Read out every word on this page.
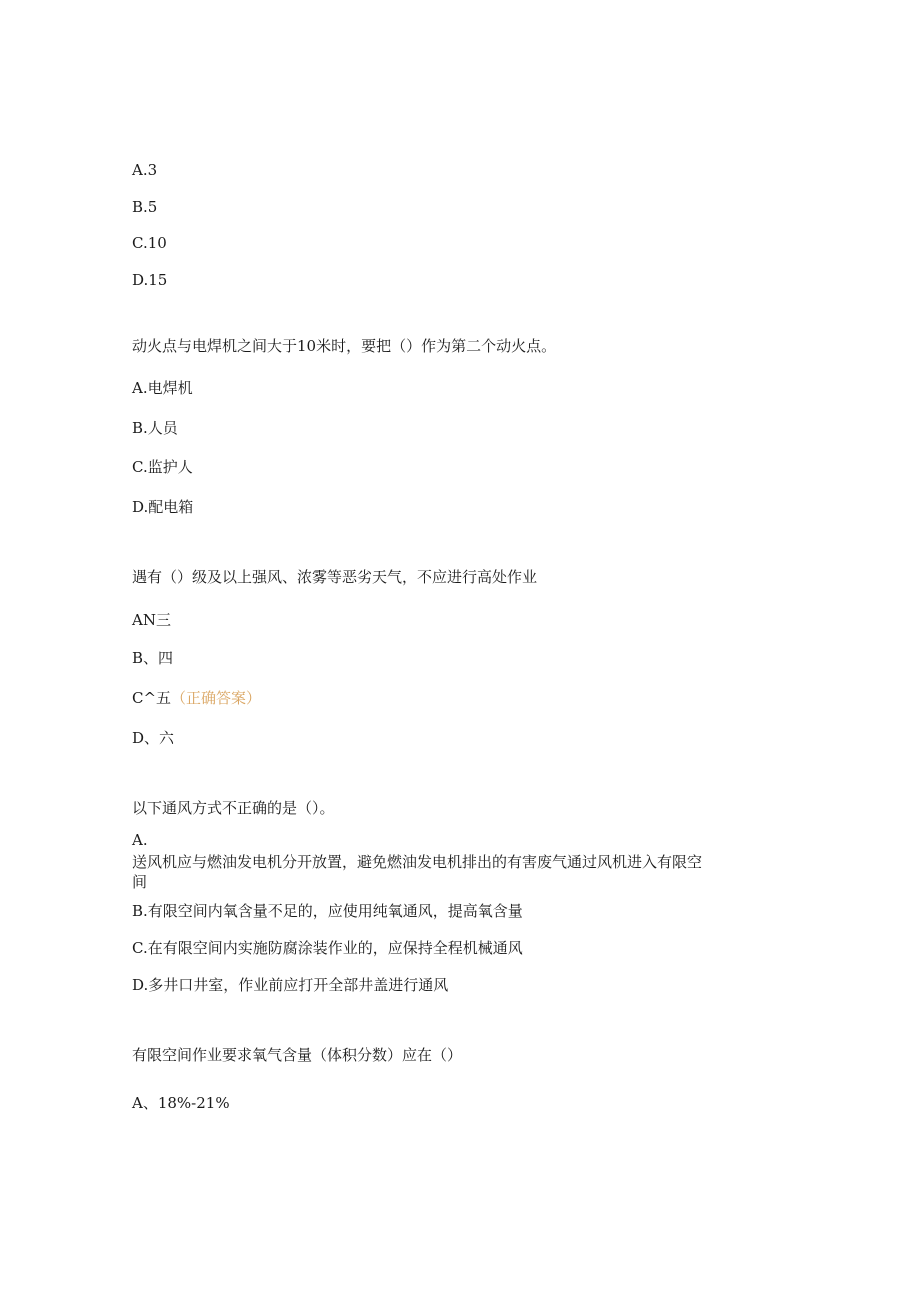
A.3
B.5
C.10
D.15
动火点与电焊机之间大于10米时，要把（）作为第二个动火点。
A.电焊机
B.人员
C.监护人
D.配电箱
遇有（）级及以上强风、浓雾等恶劣天气，不应进行高处作业
AN三
B、四
C^五（正确答案）
D、六
以下通风方式不正确的是（）。
A.
送风机应与燃油发电机分开放置，避免燃油发电机排出的有害废气通过风机进入有限空
间
B.有限空间内氧含量不足的，应使用纯氧通风，提高氧含量
C.在有限空间内实施防腐涂装作业的，应保持全程机械通风
D.多井口井室，作业前应打开全部井盖进行通风
有限空间作业要求氧气含量（体积分数）应在（）
A、18%-21%
